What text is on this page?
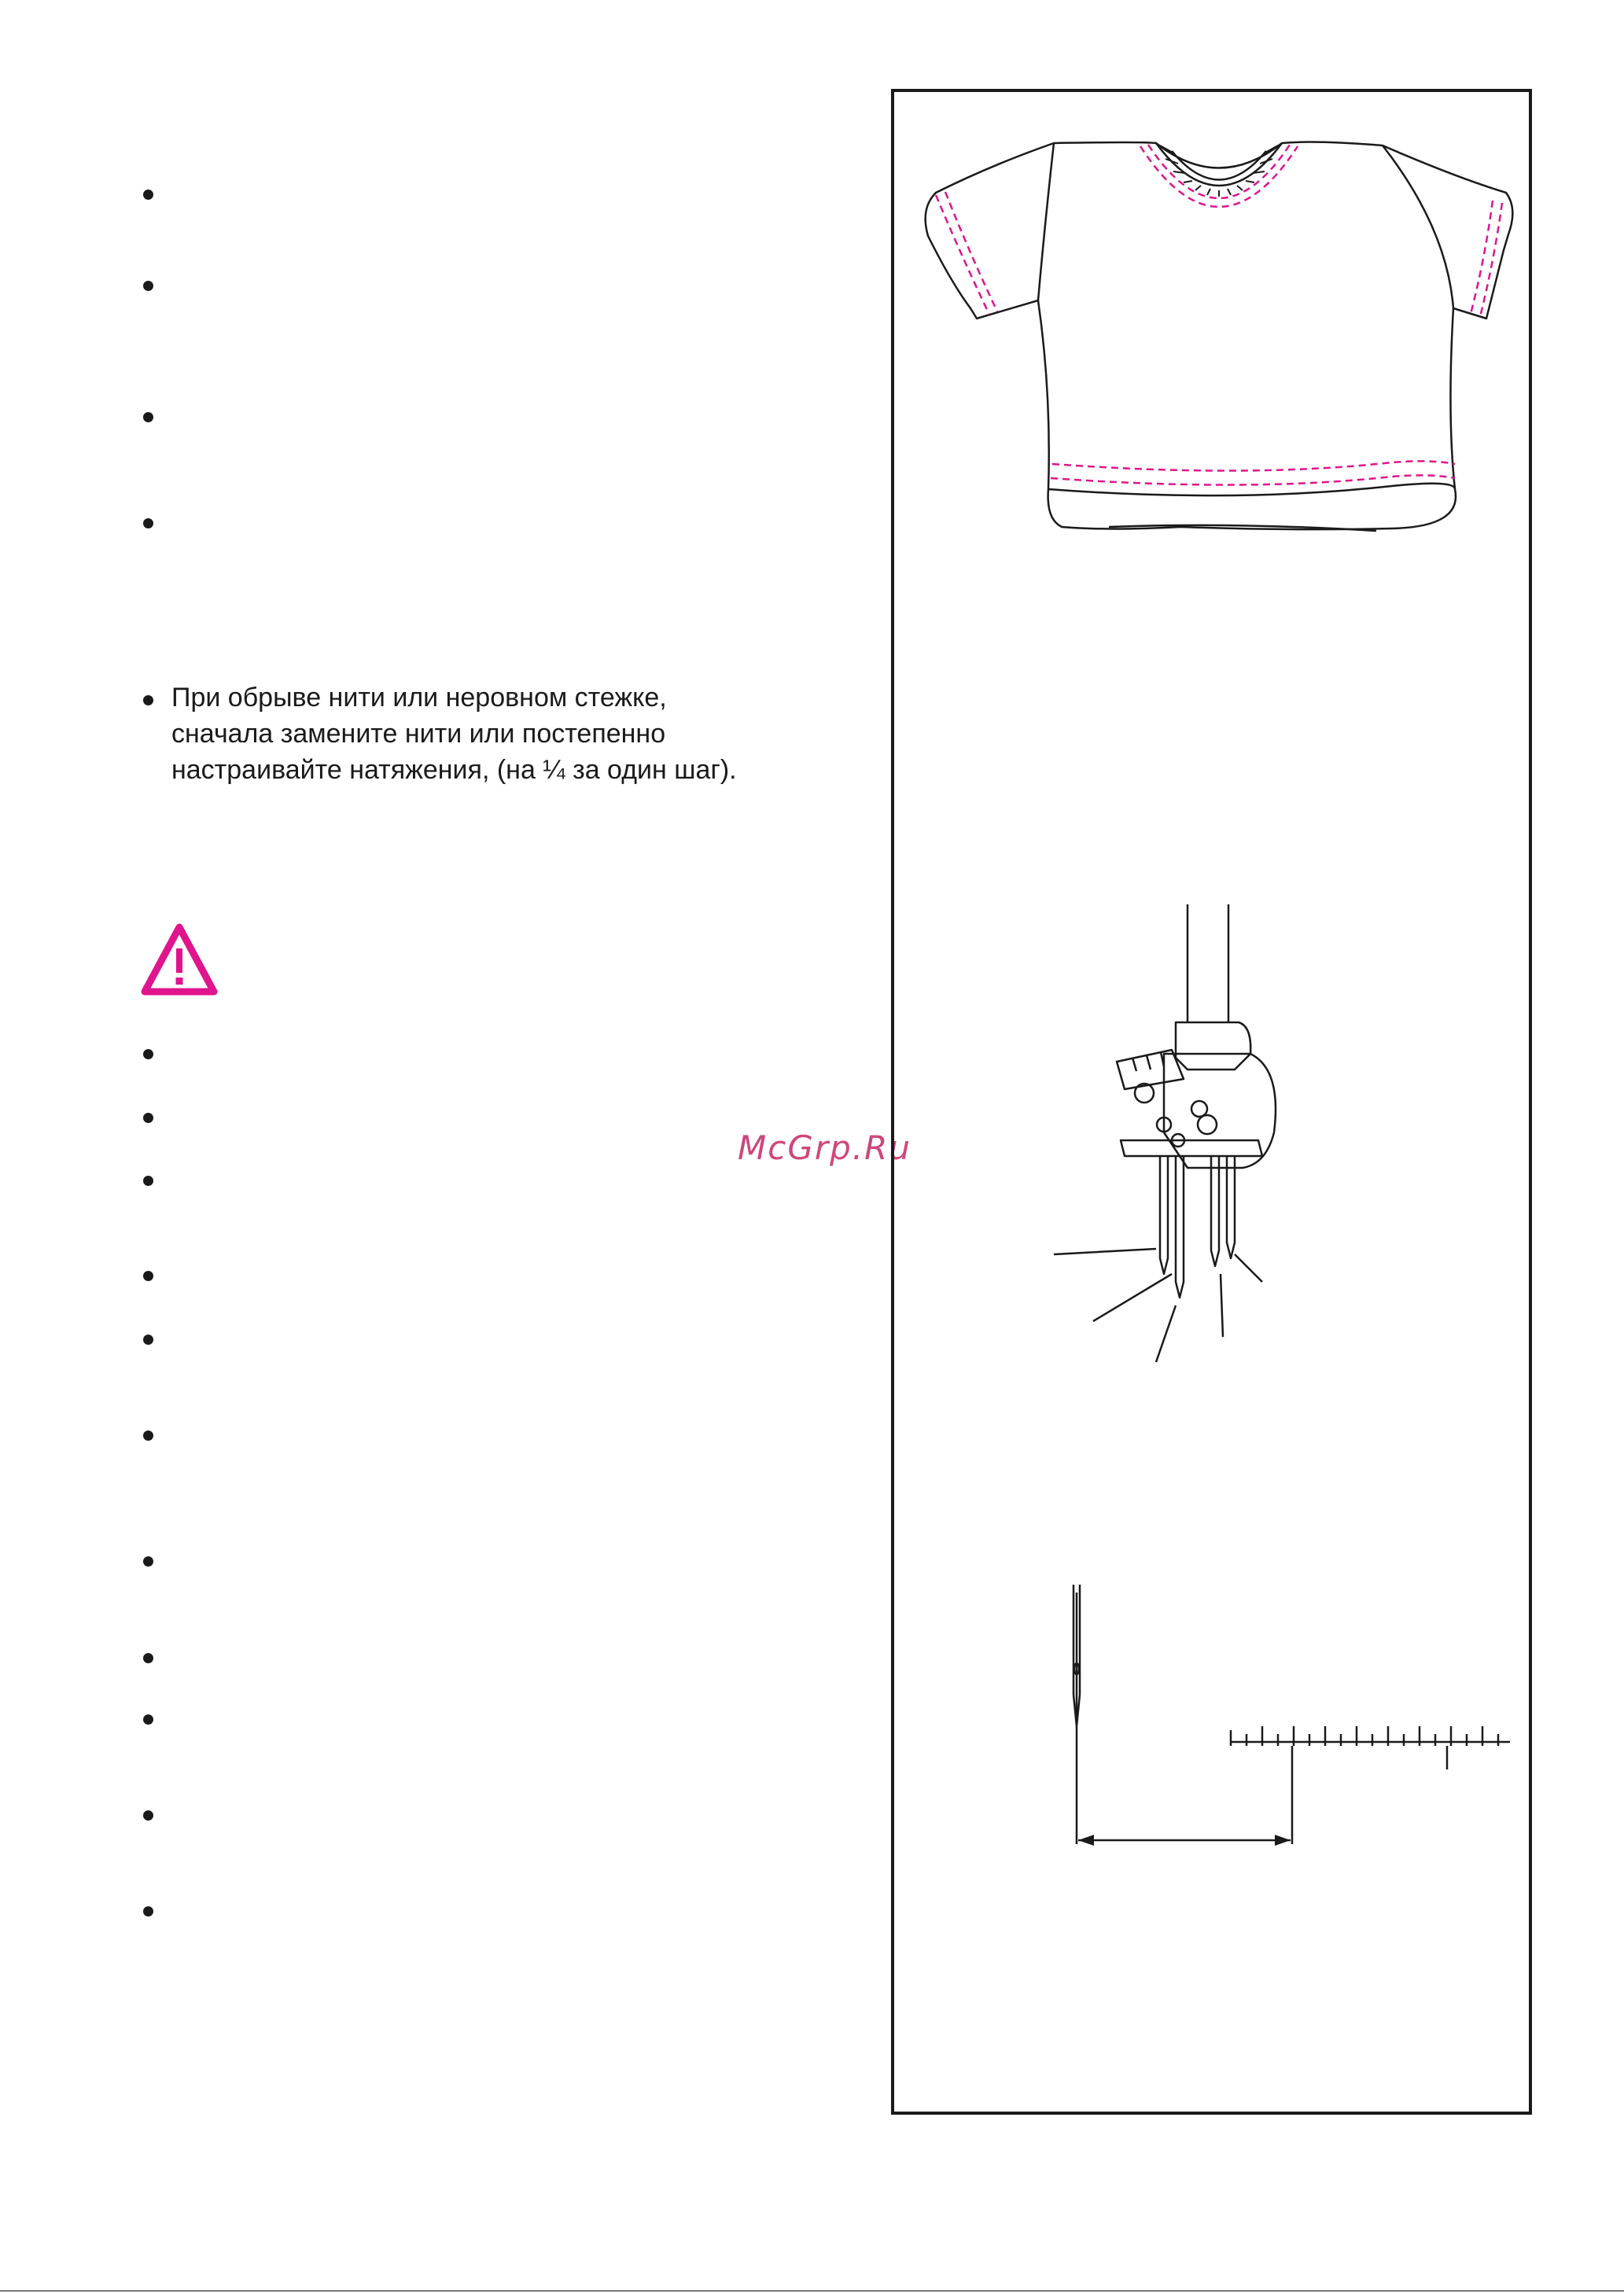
При обрыве нити или неровном стежке,
сначала замените нити или постепенно
настраивайте натяжения, (на ¼ за один шаг).
McGrp.Ru
